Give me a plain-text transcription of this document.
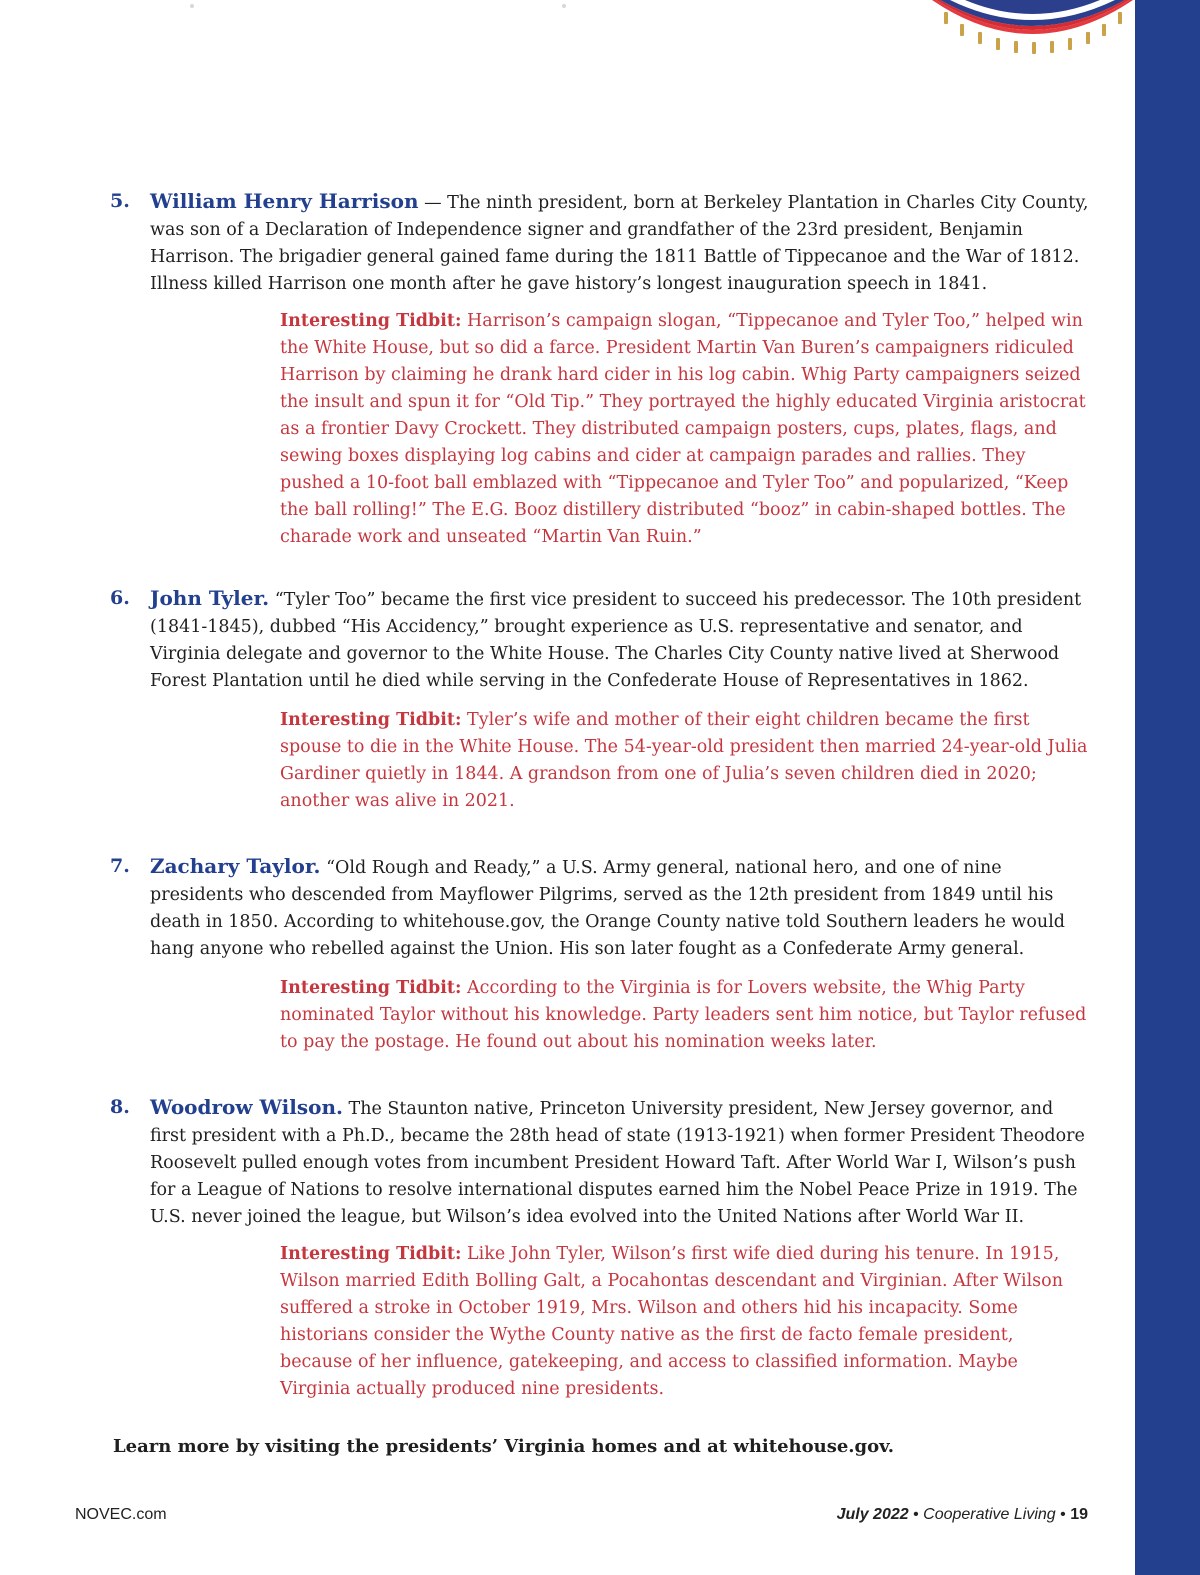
5. William Henry Harrison — The ninth president, born at Berkeley Plantation in Charles City County, was son of a Declaration of Independence signer and grandfather of the 23rd president, Benjamin Harrison. The brigadier general gained fame during the 1811 Battle of Tippecanoe and the War of 1812. Illness killed Harrison one month after he gave history’s longest inauguration speech in 1841.
Interesting Tidbit: Harrison’s campaign slogan, “Tippecanoe and Tyler Too,” helped win the White House, but so did a farce. President Martin Van Buren’s campaigners ridiculed Harrison by claiming he drank hard cider in his log cabin. Whig Party campaigners seized the insult and spun it for “Old Tip.” They portrayed the highly educated Virginia aristocrat as a frontier Davy Crockett. They distributed campaign posters, cups, plates, flags, and sewing boxes displaying log cabins and cider at campaign parades and rallies. They pushed a 10-foot ball emblazed with “Tippecanoe and Tyler Too” and popularized, “Keep the ball rolling!” The E.G. Booz distillery distributed “booz” in cabin-shaped bottles. The charade work and unseated “Martin Van Ruin.”
6. John Tyler. “Tyler Too” became the first vice president to succeed his predecessor. The 10th president (1841-1845), dubbed “His Accidency,” brought experience as U.S. representative and senator, and Virginia delegate and governor to the White House. The Charles City County native lived at Sherwood Forest Plantation until he died while serving in the Confederate House of Representatives in 1862.
Interesting Tidbit: Tyler’s wife and mother of their eight children became the first spouse to die in the White House. The 54-year-old president then married 24-year-old Julia Gardiner quietly in 1844. A grandson from one of Julia’s seven children died in 2020; another was alive in 2021.
7. Zachary Taylor. “Old Rough and Ready,” a U.S. Army general, national hero, and one of nine presidents who descended from Mayflower Pilgrims, served as the 12th president from 1849 until his death in 1850. According to whitehouse.gov, the Orange County native told Southern leaders he would hang anyone who rebelled against the Union. His son later fought as a Confederate Army general.
Interesting Tidbit: According to the Virginia is for Lovers website, the Whig Party nominated Taylor without his knowledge. Party leaders sent him notice, but Taylor refused to pay the postage. He found out about his nomination weeks later.
8. Woodrow Wilson. The Staunton native, Princeton University president, New Jersey governor, and first president with a Ph.D., became the 28th head of state (1913-1921) when former President Theodore Roosevelt pulled enough votes from incumbent President Howard Taft. After World War I, Wilson’s push for a League of Nations to resolve international disputes earned him the Nobel Peace Prize in 1919. The U.S. never joined the league, but Wilson’s idea evolved into the United Nations after World War II.
Interesting Tidbit: Like John Tyler, Wilson’s first wife died during his tenure. In 1915, Wilson married Edith Bolling Galt, a Pocahontas descendant and Virginian. After Wilson suffered a stroke in October 1919, Mrs. Wilson and others hid his incapacity. Some historians consider the Wythe County native as the first de facto female president, because of her influence, gatekeeping, and access to classified information. Maybe Virginia actually produced nine presidents.
Learn more by visiting the presidents’ Virginia homes and at whitehouse.gov.
NOVEC.com	July 2022 • Cooperative Living • 19
